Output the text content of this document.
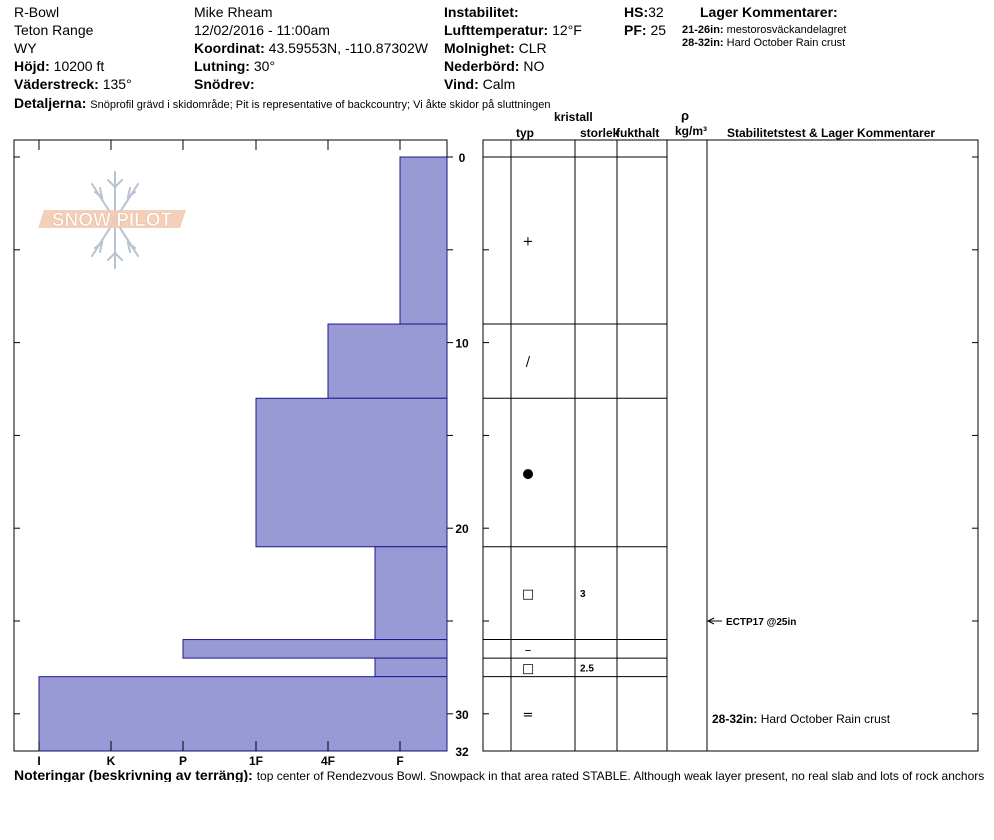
R-Bowl
Teton Range
WY
Höjd: 10200 ft
Väderstreck: 135°
Mike Rheam
12/02/2016 - 11:00am
Koordinat: 43.59553N, -110.87302W
Lutning: 30°
Snödrev:
Instabilitet:
Lufttemperatur: 12°F
Molnighet: CLR
Nederbörd: NO
Vind: Calm
HS:32
PF: 25
Lager Kommentarer:
21-26in: mestorosväckandelagret
28-32in: Hard October Rain crust
Detaljerna: Snöprofil grävd i skidområde; Pit is representative of backcountry; Vi åkte skidor på sluttningen
typ
kristall
storlek
fukthalt
ρ
kg/m³ Stabilitetstest & Lager Kommentarer
SNOW PILOT
I	K	P	1F	4F	F
0
10
20
30
32
+
/
●
□	3
–
□	2.5
=
ECTP17 @25in
28-32in: Hard October Rain crust
Noteringar (beskrivning av terräng): top center of Rendezvous Bowl. Snowpack in that area rated STABLE. Although weak layer present, no real slab and lots of rock anchors
